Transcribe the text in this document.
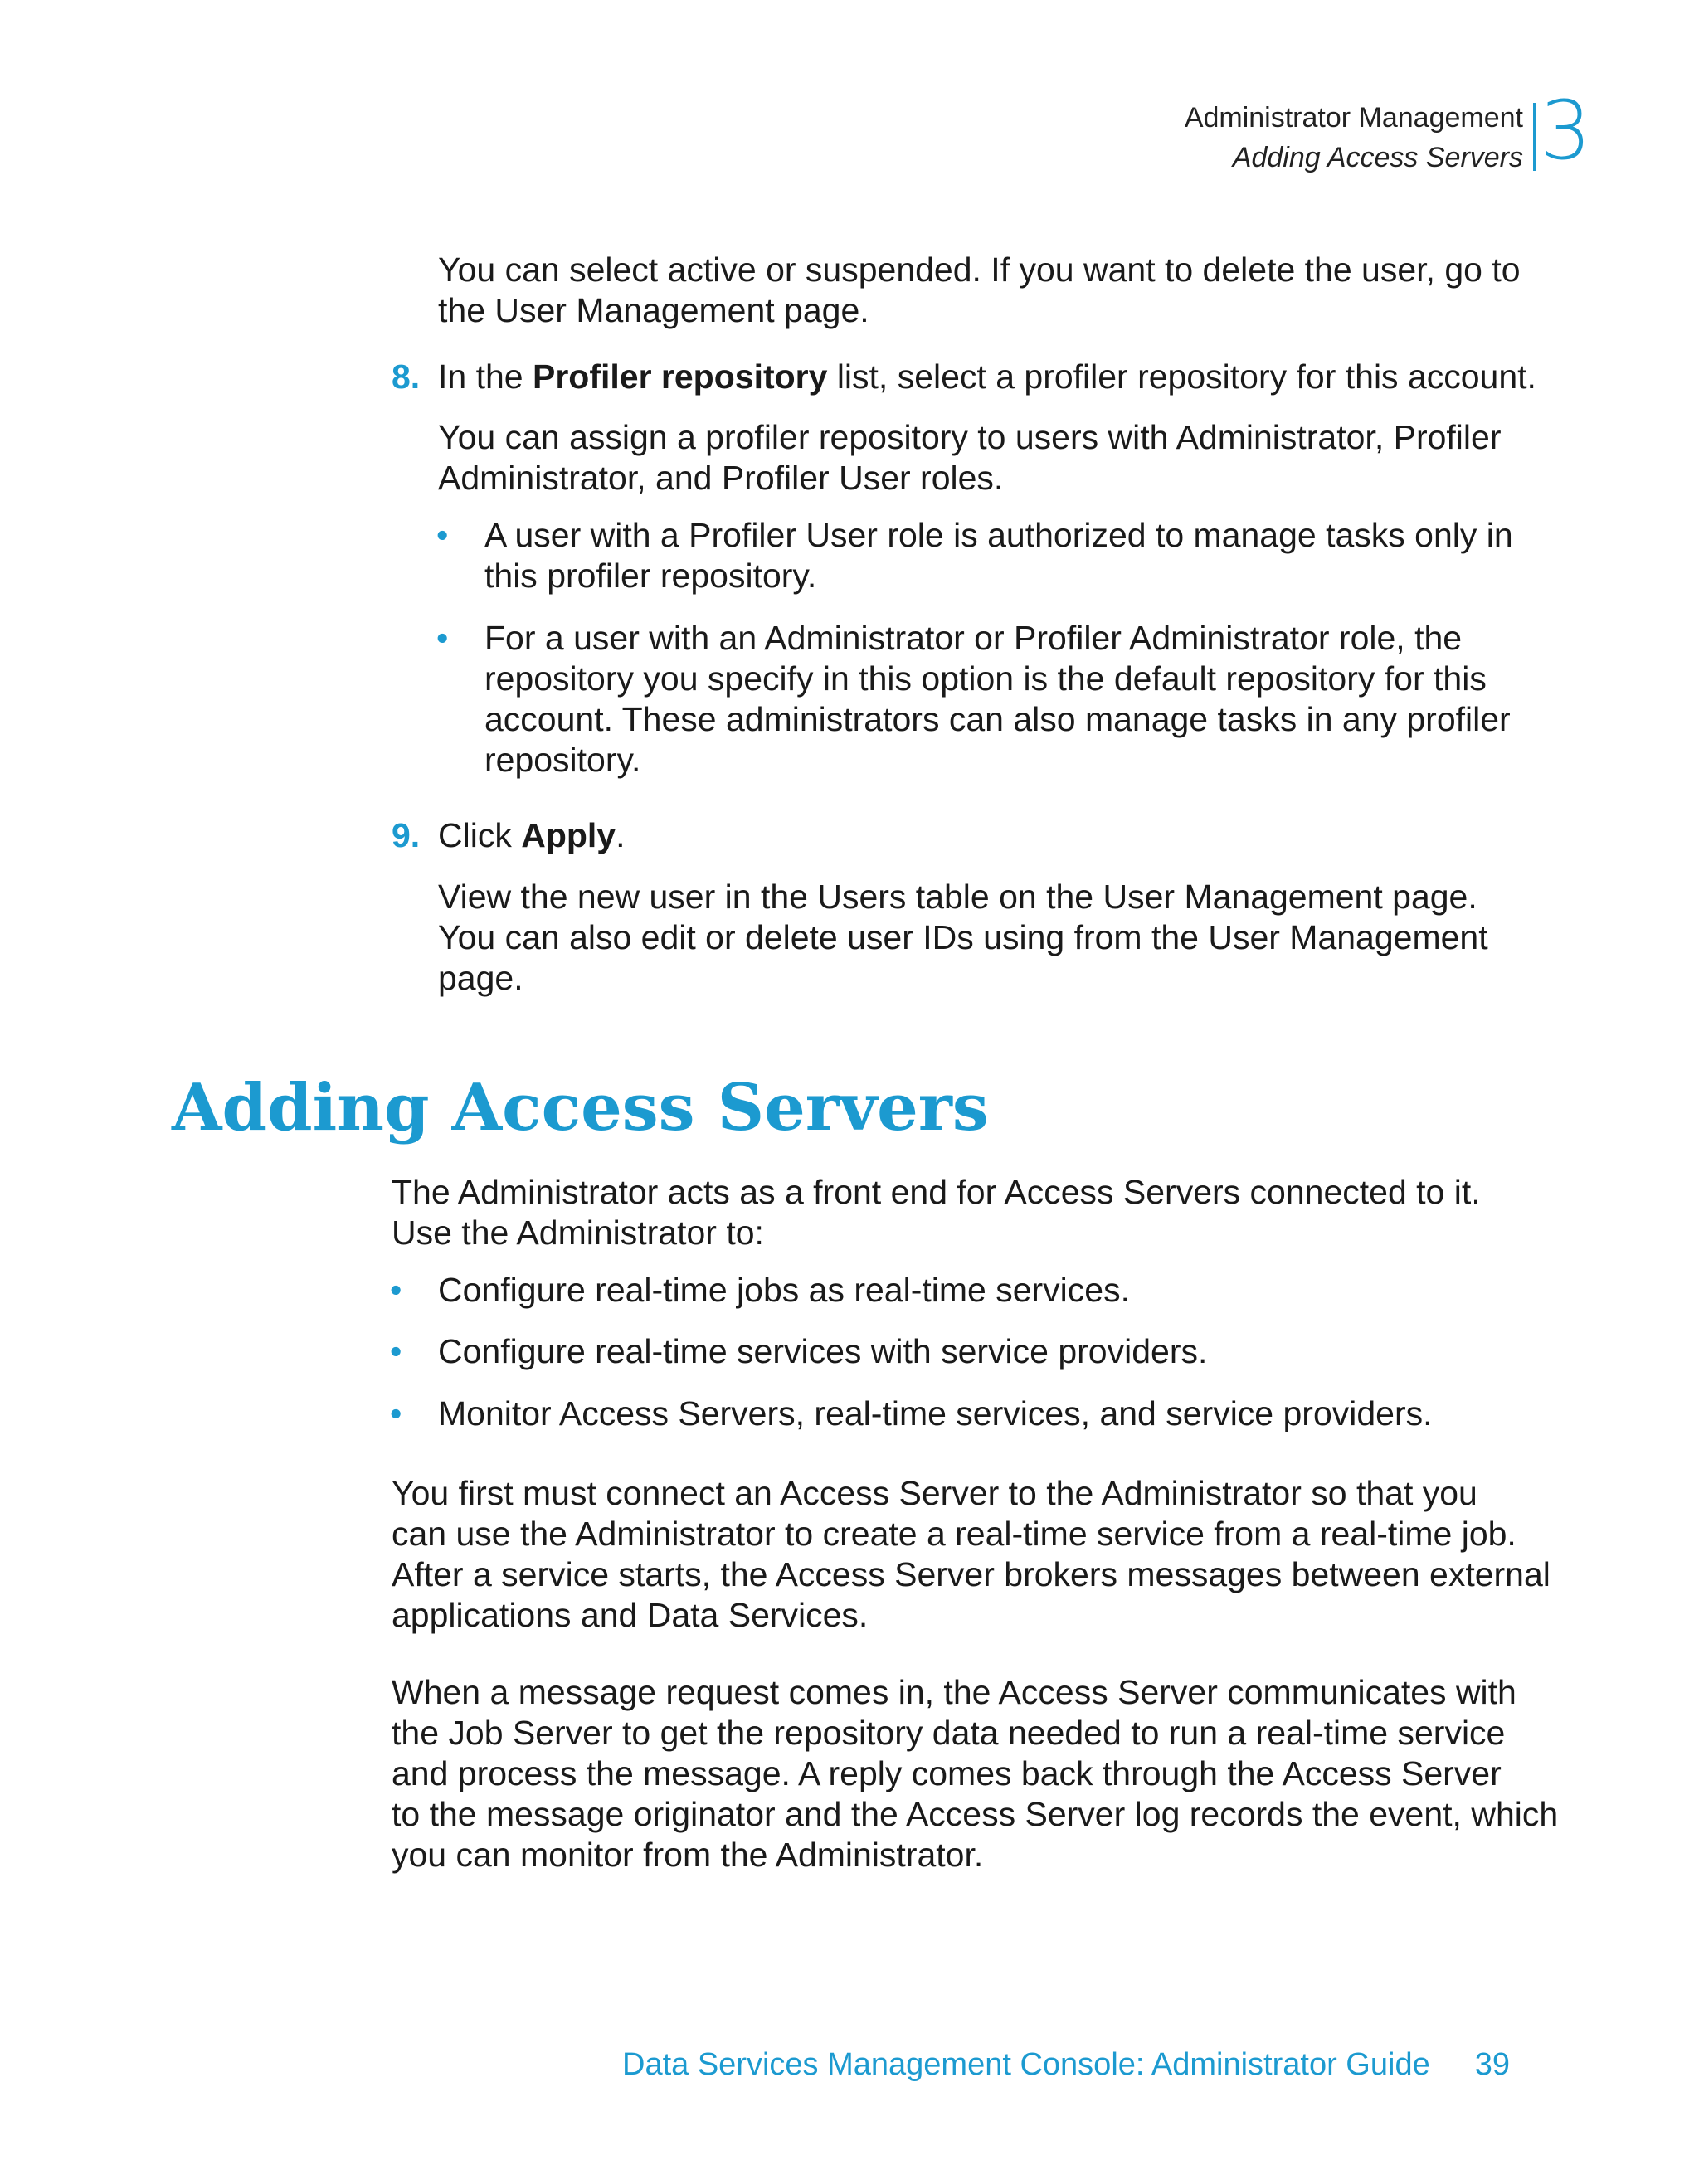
Administrator Management
Adding Access Servers 3
You can select active or suspended. If you want to delete the user, go to
the User Management page.
8. In the Profiler repository list, select a profiler repository for this account.
You can assign a profiler repository to users with Administrator, Profiler
Administrator, and Profiler User roles.
• A user with a Profiler User role is authorized to manage tasks only in
this profiler repository.
• For a user with an Administrator or Profiler Administrator role, the
repository you specify in this option is the default repository for this
account. These administrators can also manage tasks in any profiler
repository.
9. Click Apply.
View the new user in the Users table on the User Management page.
You can also edit or delete user IDs using from the User Management
page.
Adding Access Servers
The Administrator acts as a front end for Access Servers connected to it.
Use the Administrator to:
• Configure real-time jobs as real-time services.
• Configure real-time services with service providers.
• Monitor Access Servers, real-time services, and service providers.
You first must connect an Access Server to the Administrator so that you
can use the Administrator to create a real-time service from a real-time job.
After a service starts, the Access Server brokers messages between external
applications and Data Services.
When a message request comes in, the Access Server communicates with
the Job Server to get the repository data needed to run a real-time service
and process the message. A reply comes back through the Access Server
to the message originator and the Access Server log records the event, which
you can monitor from the Administrator.
Data Services Management Console: Administrator Guide 39
